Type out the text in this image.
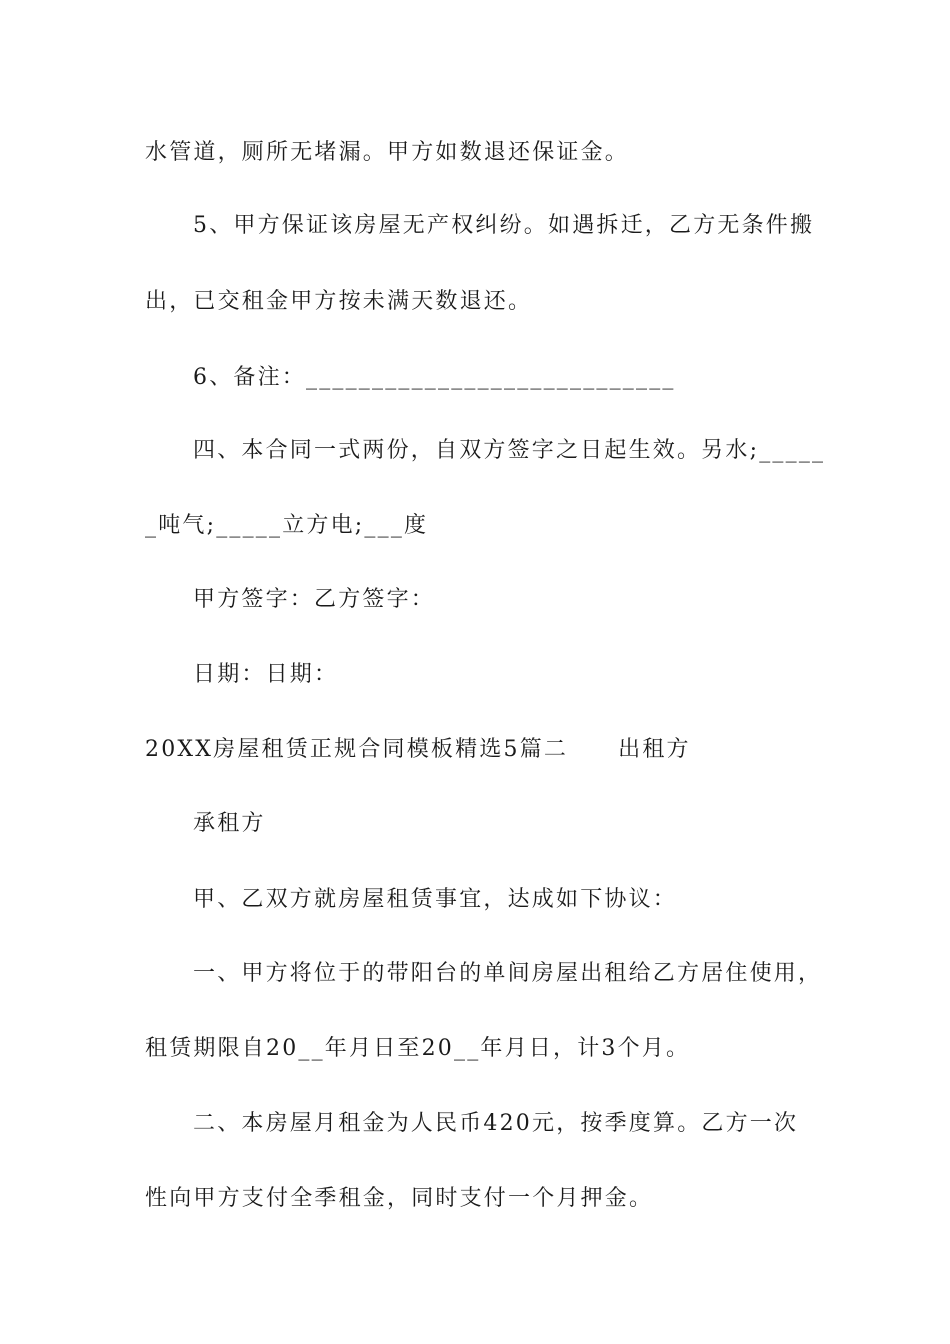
水管道，厕所无堵漏。甲方如数退还保证金。
5、甲方保证该房屋无产权纠纷。如遇拆迁，乙方无条件搬
出，已交租金甲方按未满天数退还。
6、备注：____________________________
四、本合同一式两份，自双方签字之日起生效。另水;_____
_吨气;_____立方电;___度
甲方签字：乙方签字：
日期：日期：
20XX房屋租赁正规合同模板精选5篇二 出租方
承租方
甲、乙双方就房屋租赁事宜，达成如下协议：
一、甲方将位于的带阳台的单间房屋出租给乙方居住使用，
租赁期限自20__年月日至20__年月日，计3个月。
二、本房屋月租金为人民币420元，按季度算。乙方一次
性向甲方支付全季租金，同时支付一个月押金。
